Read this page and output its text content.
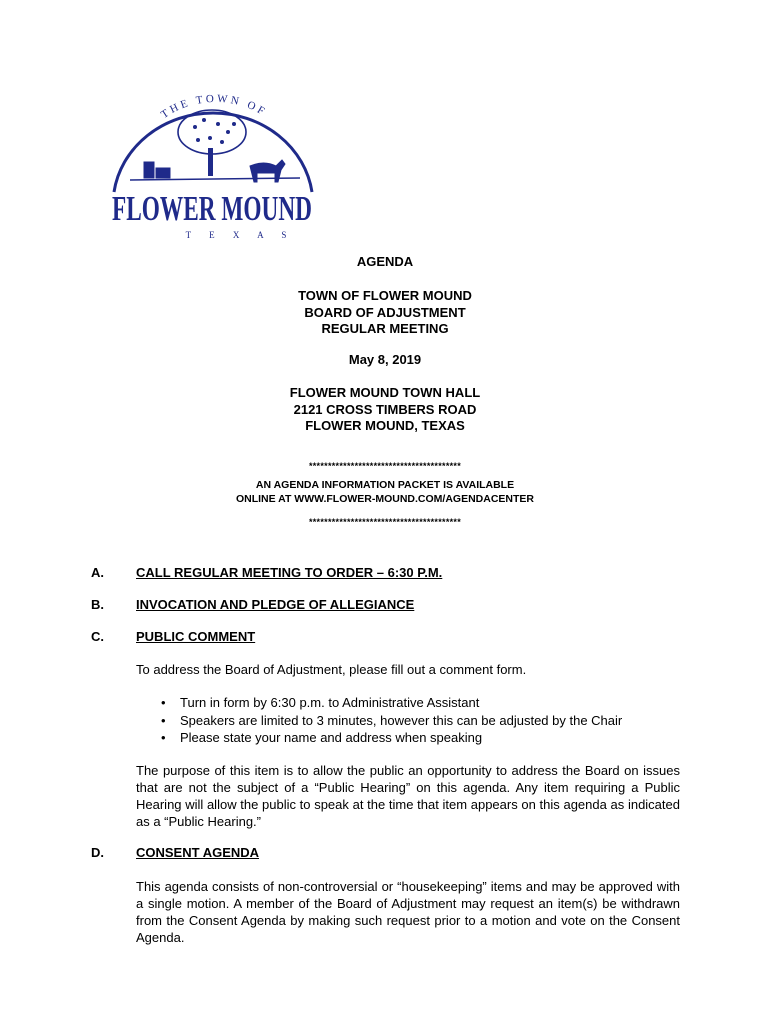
THE TOWN OF
FLOWER MOUND
T E X A S
AGENDA
TOWN OF FLOWER MOUND
BOARD OF ADJUSTMENT
REGULAR MEETING
May 8, 2019
FLOWER MOUND TOWN HALL
2121 CROSS TIMBERS ROAD
FLOWER MOUND, TEXAS
****************************************
AN AGENDA INFORMATION PACKET IS AVAILABLE
ONLINE AT WWW.FLOWER-MOUND.COM/AGENDACENTER
****************************************
A. CALL REGULAR MEETING TO ORDER – 6:30 P.M.
B. INVOCATION AND PLEDGE OF ALLEGIANCE
C. PUBLIC COMMENT
To address the Board of Adjustment, please fill out a comment form.
• Turn in form by 6:30 p.m. to Administrative Assistant
• Speakers are limited to 3 minutes, however this can be adjusted by the Chair
• Please state your name and address when speaking
The purpose of this item is to allow the public an opportunity to address the Board on issues that are not the subject of a “Public Hearing” on this agenda. Any item requiring a Public Hearing will allow the public to speak at the time that item appears on this agenda as indicated as a “Public Hearing.”
D. CONSENT AGENDA
This agenda consists of non-controversial or “housekeeping” items and may be approved with a single motion. A member of the Board of Adjustment may request an item(s) be withdrawn from the Consent Agenda by making such request prior to a motion and vote on the Consent Agenda.
